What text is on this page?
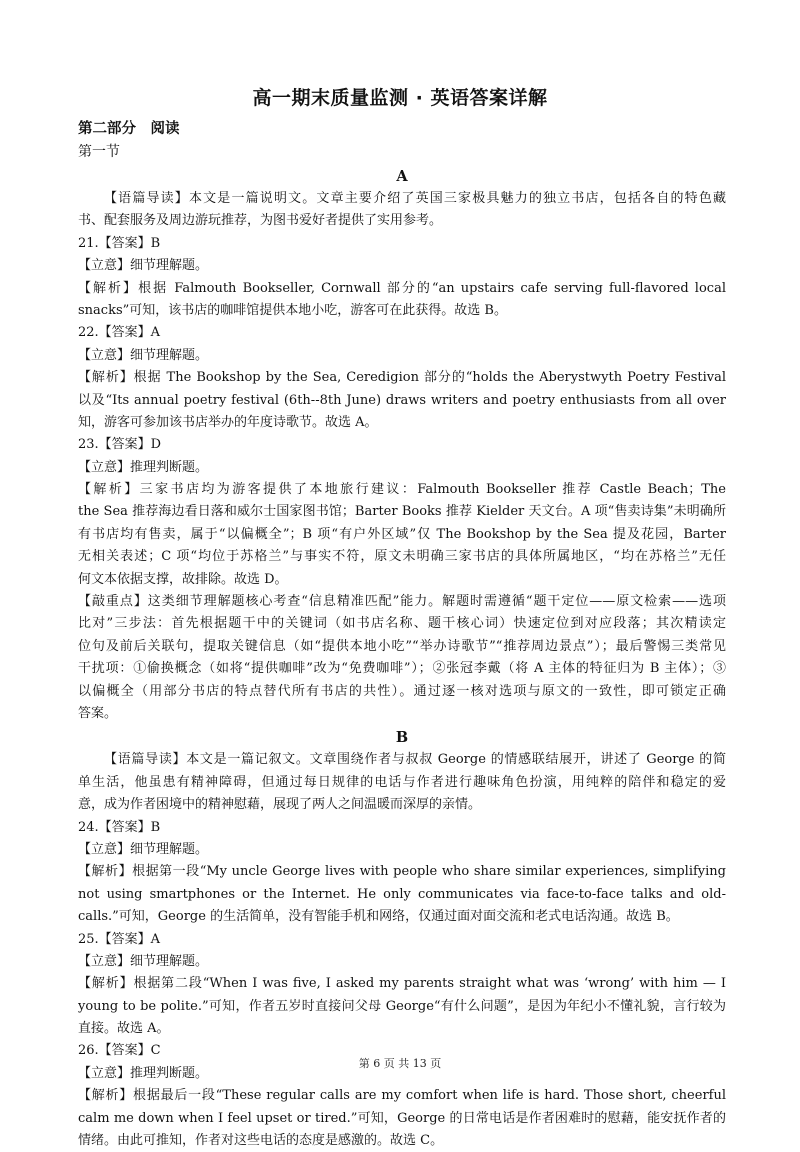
高一期末质量监测 · 英语答案详解
第二部分　阅读
第一节
A
【语篇导读】本文是一篇说明文。文章主要介绍了英国三家极具魅力的独立书店，包括各自的特色藏
书、配套服务及周边游玩推荐，为图书爱好者提供了实用参考。
21.【答案】B
【立意】细节理解题。
【解析】根据 Falmouth Bookseller, Cornwall 部分的“an upstairs cafe serving full-flavored local
snacks”可知，该书店的咖啡馆提供本地小吃，游客可在此获得。故选 B。
22.【答案】A
【立意】细节理解题。
【解析】根据 The Bookshop by the Sea, Ceredigion 部分的“holds the Aberystwyth Poetry Festival
以及“Its annual poetry festival (6th--8th June) draws writers and poetry enthusiasts from all over
知，游客可参加该书店举办的年度诗歌节。故选 A。
23.【答案】D
【立意】推理判断题。
【解析】三家书店均为游客提供了本地旅行建议：Falmouth Bookseller 推荐 Castle Beach；The
the Sea 推荐海边看日落和威尔士国家图书馆；Barter Books 推荐 Kielder 天文台。A 项“售卖诗集”未明确所
有书店均有售卖，属于“以偏概全”；B 项“有户外区域”仅 The Bookshop by the Sea 提及花园，Barter
无相关表述；C 项“均位于苏格兰”与事实不符，原文未明确三家书店的具体所属地区，“均在苏格兰”无任
何文本依据支撑，故排除。故选 D。
【敲重点】这类细节理解题核心考查“信息精准匹配”能力。解题时需遵循“题干定位——原文检索——选项
比对”三步法：首先根据题干中的关键词（如书店名称、题干核心词）快速定位到对应段落；其次精读定
位句及前后关联句，提取关键信息（如“提供本地小吃”“举办诗歌节”“推荐周边景点”）；最后警惕三类常见
干扰项：①偷换概念（如将“提供咖啡”改为“免费咖啡”）；②张冠李戴（将 A 主体的特征归为 B 主体）；③
以偏概全（用部分书店的特点替代所有书店的共性）。通过逐一核对选项与原文的一致性，即可锁定正确
答案。
B
【语篇导读】本文是一篇记叙文。文章围绕作者与叔叔 George 的情感联结展开，讲述了 George 的简
单生活，他虽患有精神障碍，但通过每日规律的电话与作者进行趣味角色扮演，用纯粹的陪伴和稳定的爱
意，成为作者困境中的精神慰藉，展现了两人之间温暖而深厚的亲情。
24.【答案】B
【立意】细节理解题。
【解析】根据第一段“My uncle George lives with people who share similar experiences, simplifying
not using smartphones or the Internet. He only communicates via face-to-face talks and old-
calls.”可知，George 的生活简单，没有智能手机和网络，仅通过面对面交流和老式电话沟通。故选 B。
25.【答案】A
【立意】细节理解题。
【解析】根据第二段“When I was five, I asked my parents straight what was ‘wrong’ with him — I
young to be polite.”可知，作者五岁时直接问父母 George“有什么问题”，是因为年纪小不懂礼貌，言行较为
直接。故选 A。
26.【答案】C
【立意】推理判断题。
【解析】根据最后一段“These regular calls are my comfort when life is hard. Those short, cheerful
calm me down when I feel upset or tired.”可知，George 的日常电话是作者困难时的慰藉，能安抚作者的
情绪。由此可推知，作者对这些电话的态度是感激的。故选 C。
第 6 页 共 13 页
